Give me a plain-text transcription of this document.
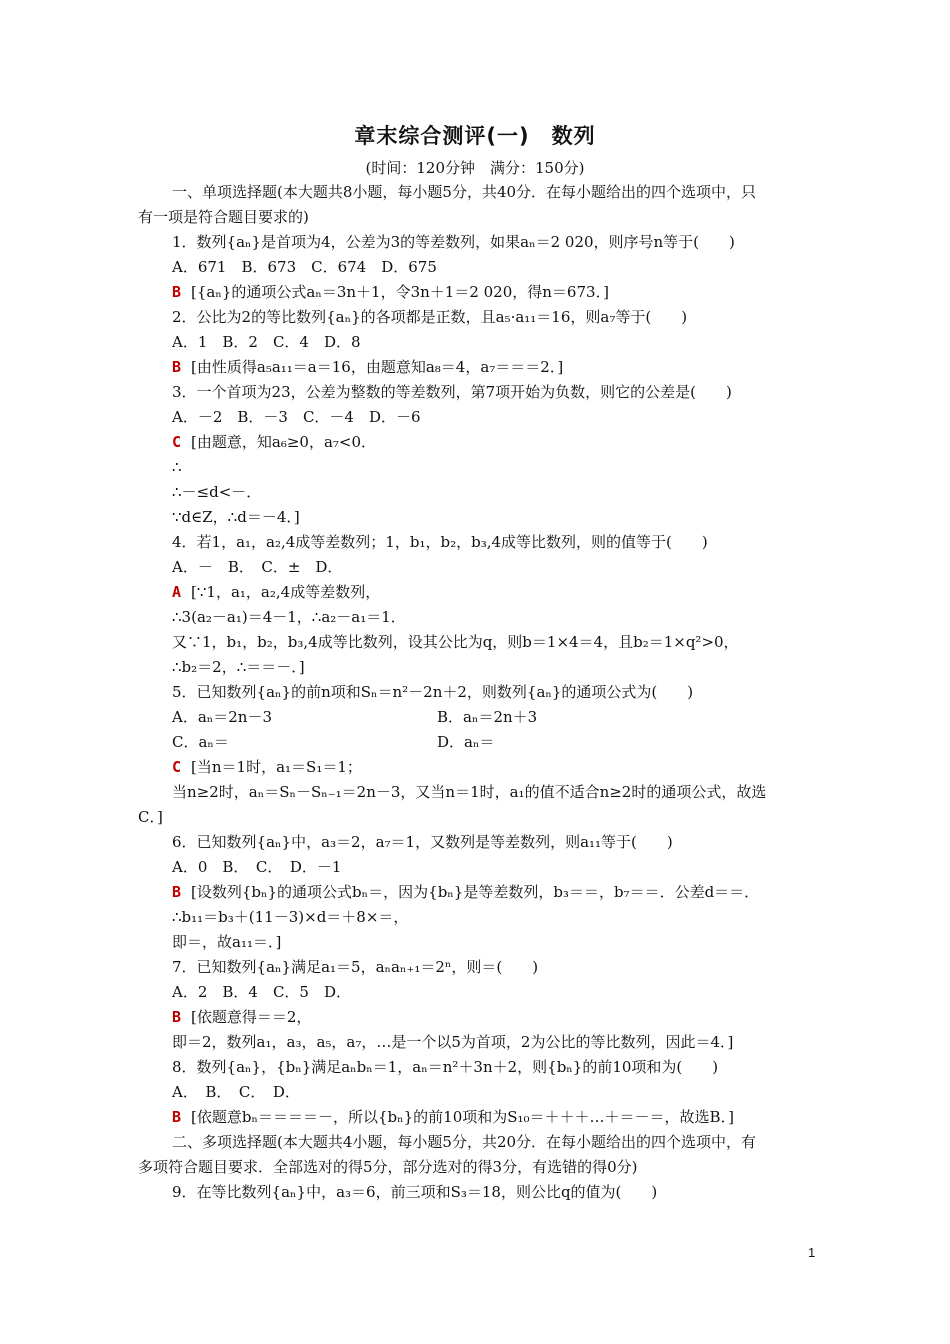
章末综合测评(一)　数列
(时间：120分钟　满分：150分)
一、单项选择题(本大题共8小题，每小题5分，共40分．在每小题给出的四个选项中，只
有一项是符合题目要求的)
1．数列{aₙ}是首项为4，公差为3的等差数列，如果aₙ＝2 020，则序号n等于(　　)
A．671　B．673　C．674　D．675
B [{aₙ}的通项公式aₙ＝3n＋1，令3n＋1＝2 020，得n＝673．]
2．公比为2的等比数列{aₙ}的各项都是正数，且a₅·a₁₁＝16，则a₇等于(　　)
A．1　B．2　C．4　D．8
B [由性质得a₅a₁₁＝a＝16，由题意知a₈＝4，a₇＝＝＝2．]
3．一个首项为23，公差为整数的等差数列，第7项开始为负数，则它的公差是(　　)
A．－2　B．－3　C．－4　D．－6
C [由题意，知a₆≥0，a₇<0．
∴
∴－≤d<－．
∵d∈Z，∴d＝－4．]
4．若1，a₁，a₂,4成等差数列；1，b₁，b₂，b₃,4成等比数列，则的值等于(　　)
A．－　B．　C．±　D．
A [∵1，a₁，a₂,4成等差数列，
∴3(a₂－a₁)＝4－1，∴a₂－a₁＝1．
又∵1，b₁，b₂，b₃,4成等比数列，设其公比为q，则b＝1×4＝4，且b₂＝1×q²>0，
∴b₂＝2，∴＝＝－．]
5．已知数列{aₙ}的前n项和Sₙ＝n²－2n＋2，则数列{aₙ}的通项公式为(　　)
A．aₙ＝2n－3	B．aₙ＝2n＋3
C．aₙ＝	D．aₙ＝
C [当n＝1时，a₁＝S₁＝1；
当n≥2时，aₙ＝Sₙ－Sₙ₋₁＝2n－3，又当n＝1时，a₁的值不适合n≥2时的通项公式，故选
C．]
6．已知数列{aₙ}中，a₃＝2，a₇＝1，又数列是等差数列，则a₁₁等于(　　)
A．0　B．　C．　D．－1
B [设数列{bₙ}的通项公式bₙ＝，因为{bₙ}是等差数列，b₃＝＝，b₇＝＝．公差d＝＝．
∴b₁₁＝b₃＋(11－3)×d＝＋8×＝，
即＝，故a₁₁＝．]
7．已知数列{aₙ}满足a₁＝5，aₙaₙ₊₁＝2ⁿ，则＝(　　)
A．2　B．4　C．5　D．
B [依题意得＝＝2，
即＝2，数列a₁，a₃，a₅，a₇，…是一个以5为首项，2为公比的等比数列，因此＝4．]
8．数列{aₙ}，{bₙ}满足aₙbₙ＝1，aₙ＝n²＋3n＋2，则{bₙ}的前10项和为(　　)
A．　B．　C．　D．
B [依题意bₙ＝＝＝＝－，所以{bₙ}的前10项和为S₁₀＝＋＋＋…＋＝－＝，故选B．]
二、多项选择题(本大题共4小题，每小题5分，共20分．在每小题给出的四个选项中，有
多项符合题目要求．全部选对的得5分，部分选对的得3分，有选错的得0分)
9．在等比数列{aₙ}中，a₃＝6，前三项和S₃＝18，则公比q的值为(　　)
1
